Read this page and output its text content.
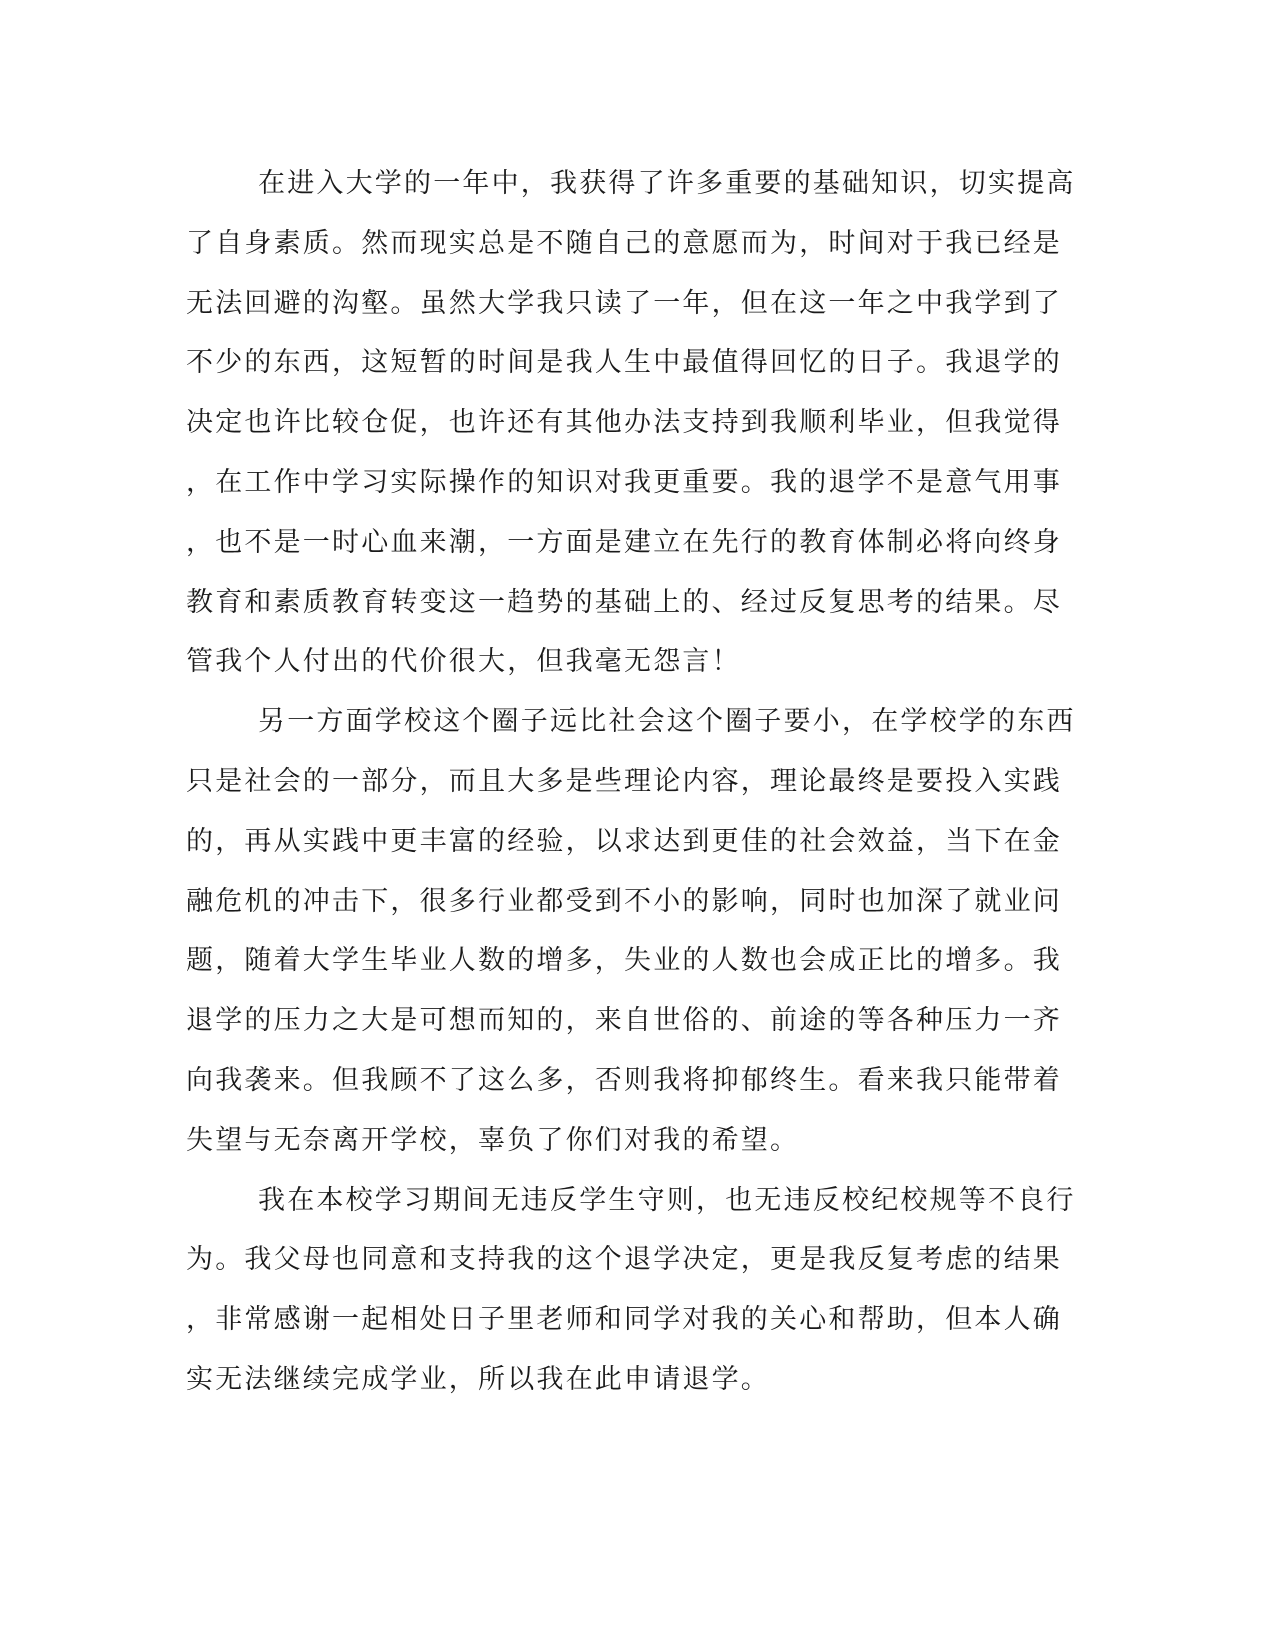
在进入大学的一年中，我获得了许多重要的基础知识，切实提高
了自身素质。然而现实总是不随自己的意愿而为，时间对于我已经是
无法回避的沟壑。虽然大学我只读了一年，但在这一年之中我学到了
不少的东西，这短暂的时间是我人生中最值得回忆的日子。我退学的
决定也许比较仓促，也许还有其他办法支持到我顺利毕业，但我觉得
，在工作中学习实际操作的知识对我更重要。我的退学不是意气用事
，也不是一时心血来潮，一方面是建立在先行的教育体制必将向终身
教育和素质教育转变这一趋势的基础上的、经过反复思考的结果。尽
管我个人付出的代价很大，但我毫无怨言！
另一方面学校这个圈子远比社会这个圈子要小，在学校学的东西
只是社会的一部分，而且大多是些理论内容，理论最终是要投入实践
的，再从实践中更丰富的经验，以求达到更佳的社会效益，当下在金
融危机的冲击下，很多行业都受到不小的影响，同时也加深了就业问
题，随着大学生毕业人数的增多，失业的人数也会成正比的增多。我
退学的压力之大是可想而知的，来自世俗的、前途的等各种压力一齐
向我袭来。但我顾不了这么多，否则我将抑郁终生。看来我只能带着
失望与无奈离开学校，辜负了你们对我的希望。
我在本校学习期间无违反学生守则，也无违反校纪校规等不良行
为。我父母也同意和支持我的这个退学决定，更是我反复考虑的结果
，非常感谢一起相处日子里老师和同学对我的关心和帮助，但本人确
实无法继续完成学业，所以我在此申请退学。
